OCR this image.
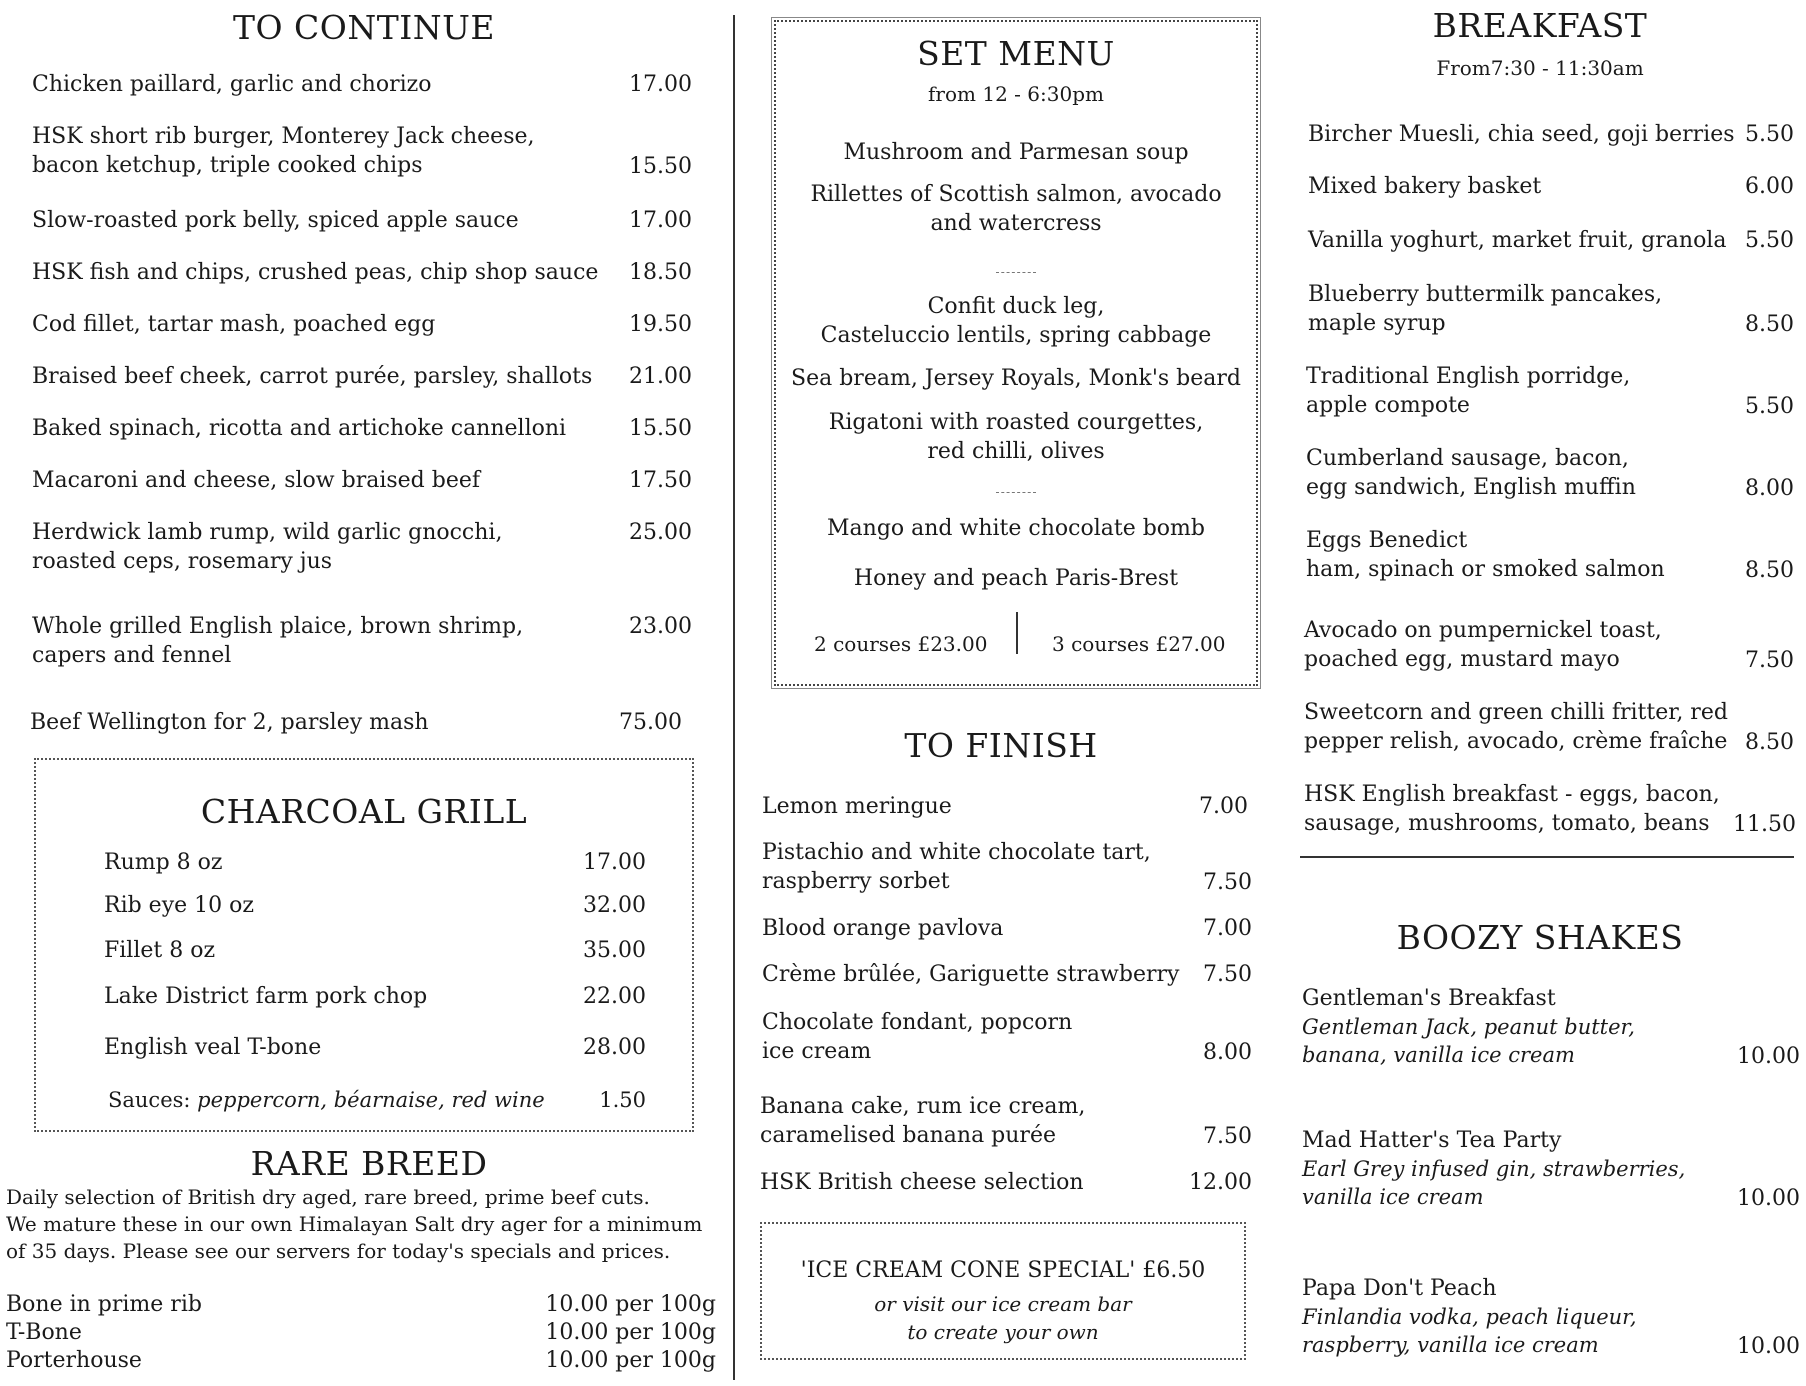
TO CONTINUE
Chicken paillard, garlic and chorizo	17.00
HSK short rib burger, Monterey Jack cheese,
bacon ketchup, triple cooked chips	15.50
Slow-roasted pork belly, spiced apple sauce	17.00
HSK fish and chips, crushed peas, chip shop sauce 18.50
Cod fillet, tartar mash, poached egg	19.50
Braised beef cheek, carrot purée, parsley, shallots 21.00
Baked spinach, ricotta and artichoke cannelloni	15.50
Macaroni and cheese, slow braised beef	17.50
Herdwick lamb rump, wild garlic gnocchi,
roasted ceps, rosemary jus
25.00
Whole grilled English plaice, brown shrimp,
capers and fennel
23.00
Beef Wellington for 2, parsley mash	75.00
CHARCOAL GRILL
Rump 8 oz	17.00
Rib eye 10 oz	32.00
Fillet 8 oz	35.00
Lake District farm pork chop	22.00
English veal T-bone	28.00
Sauces: peppercorn, béarnaise, red wine	1.50
RARE BREED
Daily selection of British dry aged, rare breed, prime beef cuts.
We mature these in our own Himalayan Salt dry ager for a minimum
of 35 days. Please see our servers for today's specials and prices.
Bone in prime rib	10.00 per 100g
T-Bone	10.00 per 100g
Porterhouse	10.00 per 100g
SET MENU
from 12 - 6:30pm
Mushroom and Parmesan soup
Rillettes of Scottish salmon, avocado
and watercress
Confit duck leg,
Casteluccio lentils, spring cabbage
Sea bream, Jersey Royals, Monk's beard
Rigatoni with roasted courgettes,
red chilli, olives
Mango and white chocolate bomb
Honey and peach Paris-Brest
2 courses £23.00	3 courses £27.00
TO FINISH
Lemon meringue	7.00
Pistachio and white chocolate tart,
raspberry sorbet	7.50
Blood orange pavlova	7.00
Crème brûlée, Gariguette strawberry 7.50
Chocolate fondant, popcorn
ice cream	8.00
Banana cake, rum ice cream,
caramelised banana purée	7.50
HSK British cheese selection	12.00
'ICE CREAM CONE SPECIAL' £6.50
or visit our ice cream bar
to create your own
BREAKFAST
From7:30 - 11:30am
Bircher Muesli, chia seed, goji berries 5.50
Mixed bakery basket	6.00
Vanilla yoghurt, market fruit, granola 5.50
Blueberry buttermilk pancakes,
maple syrup	8.50
Traditional English porridge,
apple compote	5.50
Cumberland sausage, bacon,
egg sandwich, English muffin	8.00
Eggs Benedict
ham, spinach or smoked salmon	8.50
Avocado on pumpernickel toast,
poached egg, mustard mayo	7.50
Sweetcorn and green chilli fritter, red
pepper relish, avocado, crème fraîche 8.50
HSK English breakfast - eggs, bacon,
sausage, mushrooms, tomato, beans	11.50
BOOZY SHAKES
Gentleman's Breakfast
Gentleman Jack, peanut butter,
banana, vanilla ice cream	10.00
Mad Hatter's Tea Party
Earl Grey infused gin, strawberries,
vanilla ice cream	10.00
Papa Don't Peach
Finlandia vodka, peach liqueur,
raspberry, vanilla ice cream	10.00
